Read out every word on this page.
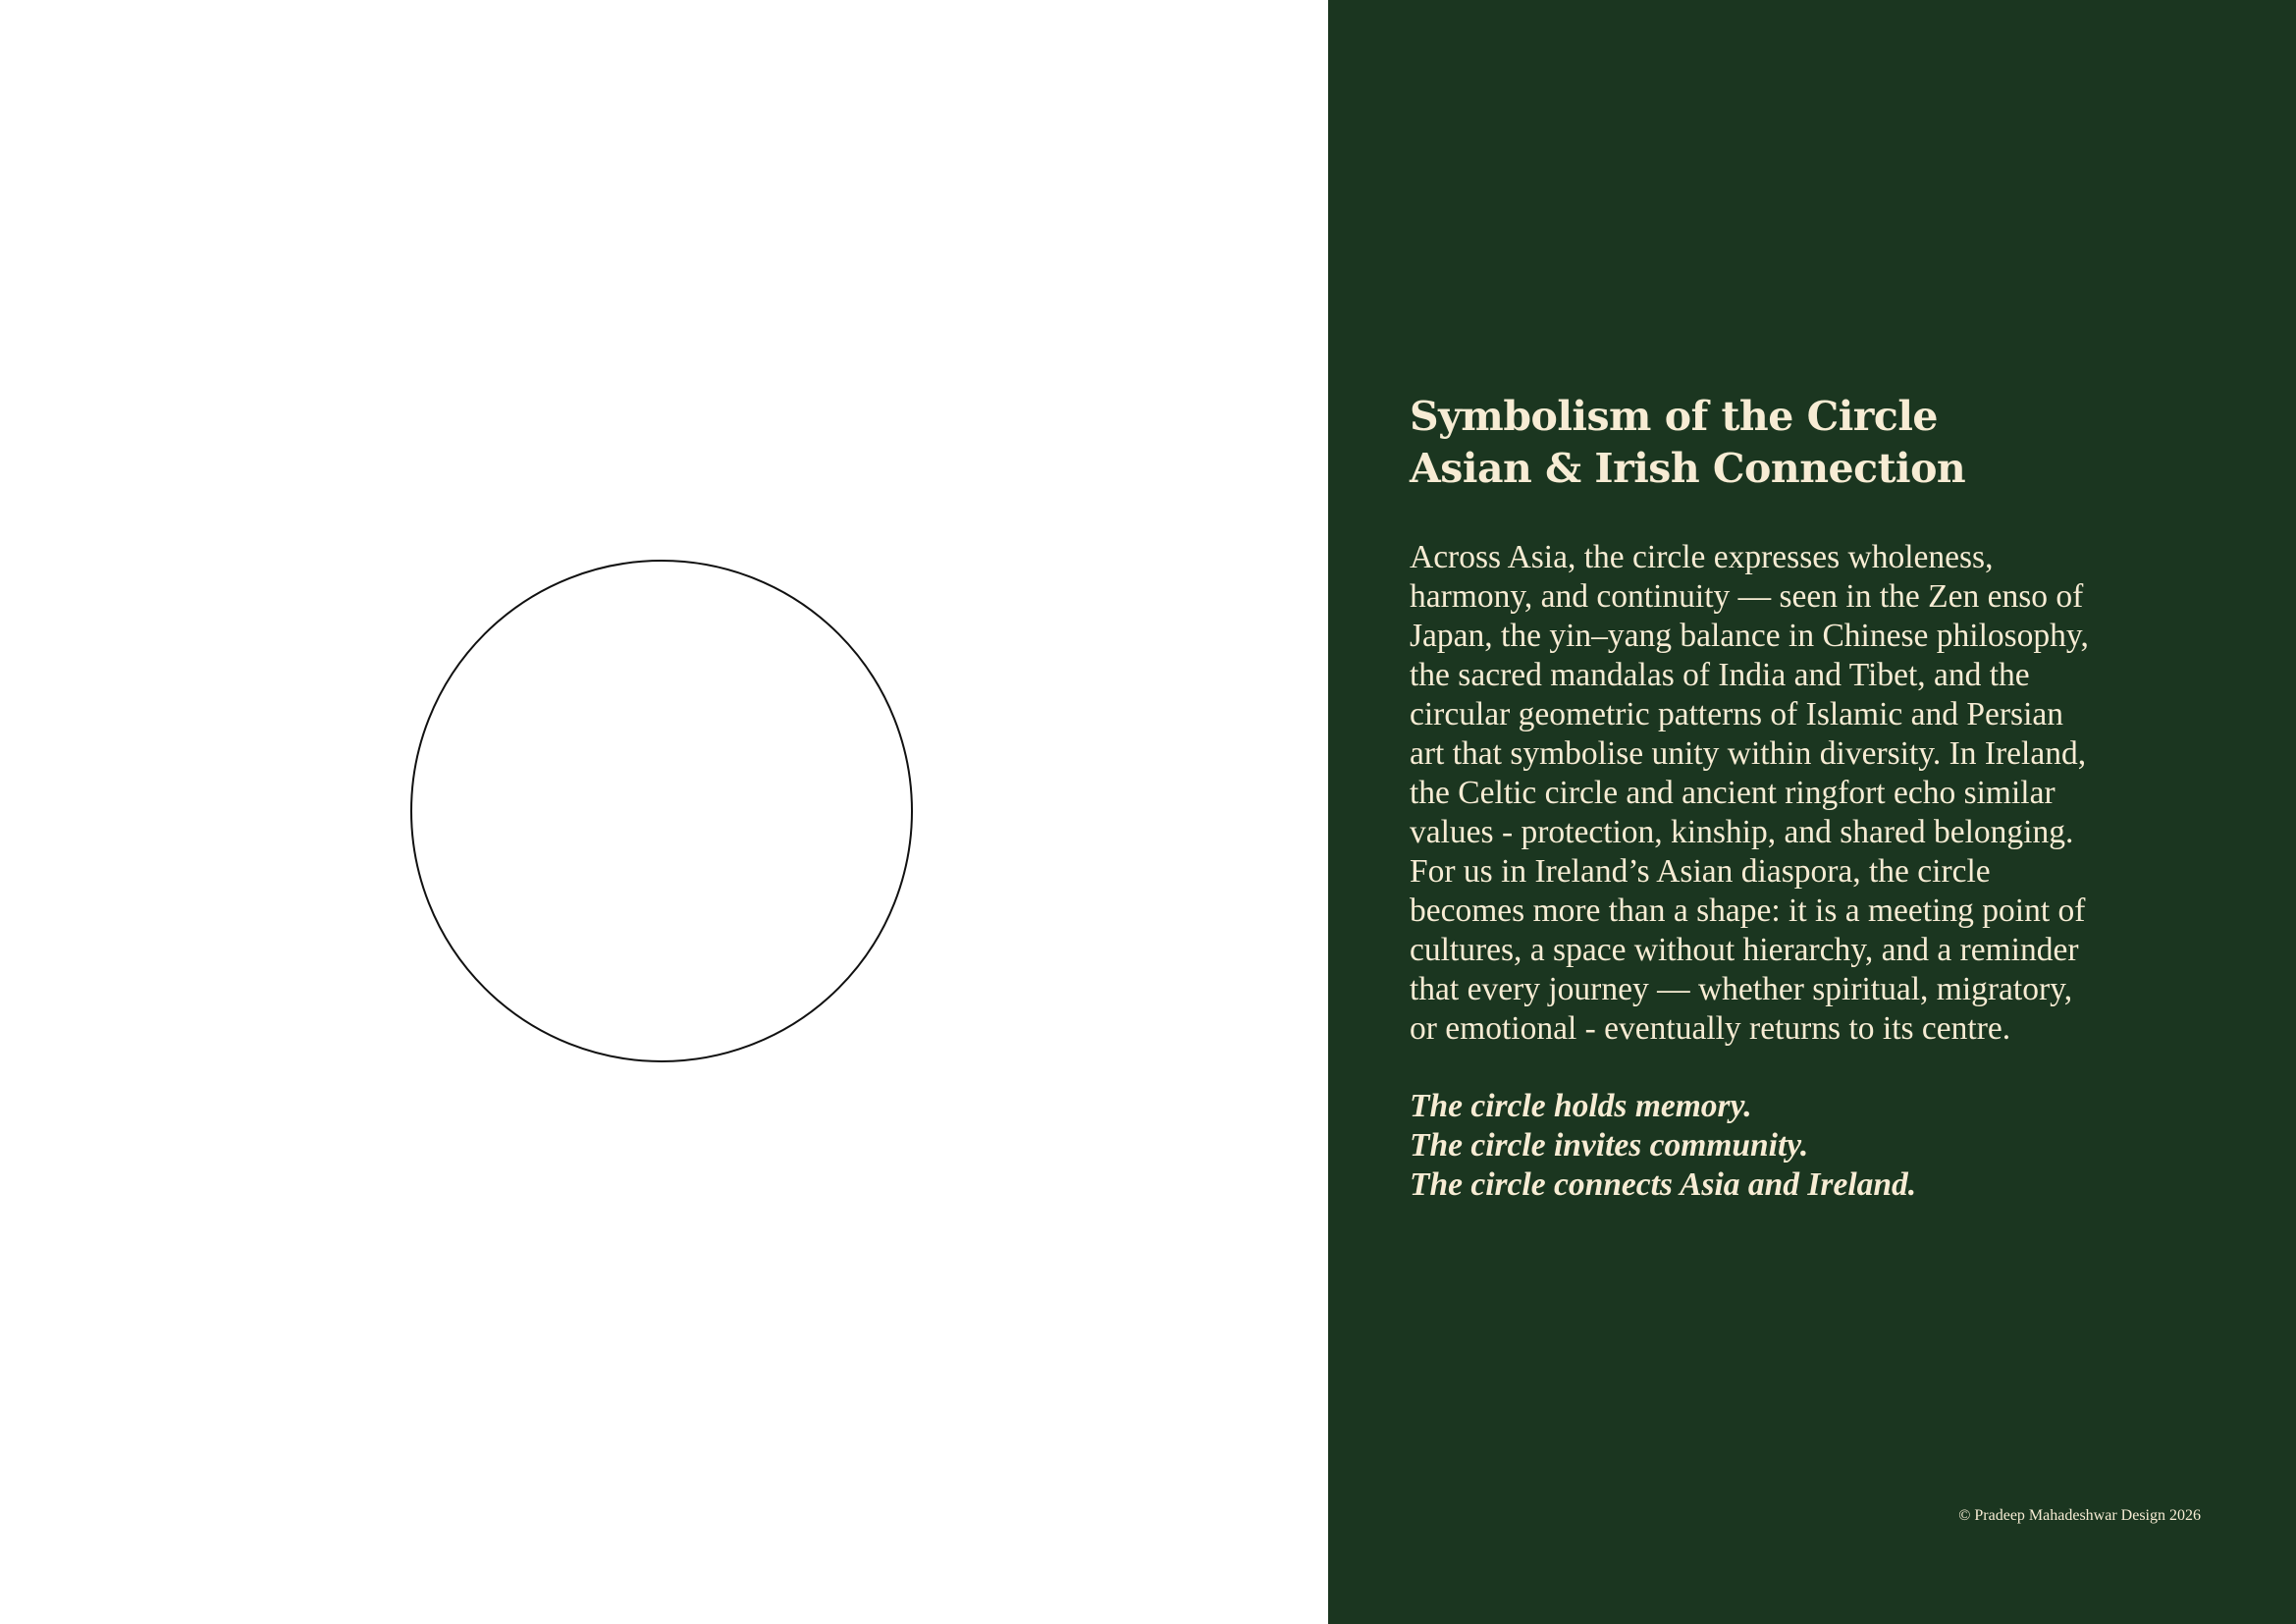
Symbolism of the Circle
Asian & Irish Connection

Across Asia, the circle expresses wholeness,
harmony, and continuity — seen in the Zen enso of
Japan, the yin–yang balance in Chinese philosophy,
the sacred mandalas of India and Tibet, and the
circular geometric patterns of Islamic and Persian
art that symbolise unity within diversity. In Ireland,
the Celtic circle and ancient ringfort echo similar
values - protection, kinship, and shared belonging.
For us in Ireland’s Asian diaspora, the circle
becomes more than a shape: it is a meeting point of
cultures, a space without hierarchy, and a reminder
that every journey — whether spiritual, migratory,
or emotional - eventually returns to its centre.

The circle holds memory.
The circle invites community.
The circle connects Asia and Ireland.

© Pradeep Mahadeshwar Design 2026
